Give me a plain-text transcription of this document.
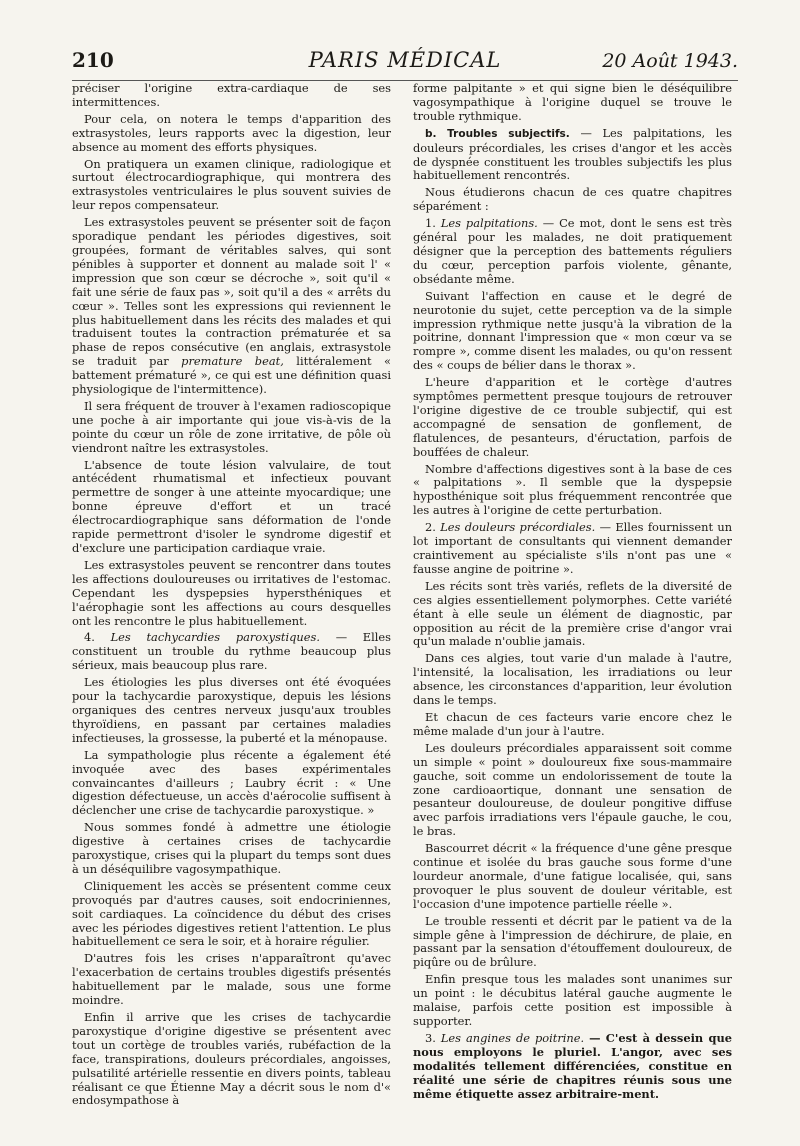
210	PARIS MÉDICAL	20 Août 1943.

préciser l'origine extra-cardiaque de ses intermittences.

Pour cela, on notera le temps d'apparition des extrasystoles, leurs rapports avec la digestion, leur absence au moment des efforts physiques.

On pratiquera un examen clinique, radiologique et surtout électrocardiographique, qui montrera des extrasystoles ventriculaires le plus souvent suivies de leur repos compensateur.

Les extrasystoles peuvent se présenter soit de façon sporadique pendant les périodes digestives, soit groupées, formant de véritables salves, qui sont pénibles à supporter et donnent au malade soit l' « impression que son cœur se décroche », soit qu'il « fait une série de faux pas », soit qu'il a des « arrêts du cœur ». Telles sont les expressions qui reviennent le plus habituellement dans les récits des malades et qui traduisent toutes la contraction prématurée et sa phase de repos consécutive (en anglais, extrasystole se traduit par premature beat, littéralement « battement prématuré », ce qui est une définition quasi physiologique de l'intermittence).

Il sera fréquent de trouver à l'examen radioscopique une poche à air importante qui joue vis-à-vis de la pointe du cœur un rôle de zone irritative, de pôle où viendront naître les extrasystoles.

L'absence de toute lésion valvulaire, de tout antécédent rhumatismal et infectieux pouvant permettre de songer à une atteinte myocardique; une bonne épreuve d'effort et un tracé électrocardiographique sans déformation de l'onde rapide permettront d'isoler le syndrome digestif et d'exclure une participation cardiaque vraie.

Les extrasystoles peuvent se rencontrer dans toutes les affections douloureuses ou irritatives de l'estomac. Cependant les dyspepsies hypersthéniques et l'aérophagie sont les affections au cours desquelles ont les rencontre le plus habituellement.

4. Les tachycardies paroxystiques. — Elles constituent un trouble du rythme beaucoup plus sérieux, mais beaucoup plus rare.

Les étiologies les plus diverses ont été évoquées pour la tachycardie paroxystique, depuis les lésions organiques des centres nerveux jusqu'aux troubles thyroïdiens, en passant par certaines maladies infectieuses, la grossesse, la puberté et la ménopause.

La sympathologie plus récente a également été invoquée avec des bases expérimentales convaincantes d'ailleurs ; Laubry écrit : « Une digestion défectueuse, un accès d'aérocolie suffisent à déclencher une crise de tachycardie paroxystique. »

Nous sommes fondé à admettre une étiologie digestive à certaines crises de tachycardie paroxystique, crises qui la plupart du temps sont dues à un déséquilibre vagosympathique.

Cliniquement les accès se présentent comme ceux provoqués par d'autres causes, soit endocriniennes, soit cardiaques. La coïncidence du début des crises avec les périodes digestives retient l'attention. Le plus habituellement ce sera le soir, et à horaire régulier.

D'autres fois les crises n'apparaîtront qu'avec l'exacerbation de certains troubles digestifs présentés habituellement par le malade, sous une forme moindre.

Enfin il arrive que les crises de tachycardie paroxystique d'origine digestive se présentent avec tout un cortège de troubles variés, rubéfaction de la face, transpirations, douleurs précordiales, angoisses, pulsatilité artérielle ressentie en divers points, tableau réalisant ce que Étienne May a décrit sous le nom d'« endosympathose à

forme palpitante » et qui signe bien le déséquilibre vagosympathique à l'origine duquel se trouve le trouble rythmique.

b. Troubles subjectifs. — Les palpitations, les douleurs précordiales, les crises d'angor et les accès de dyspnée constituent les troubles subjectifs les plus habituellement rencontrés.

Nous étudierons chacun de ces quatre chapitres séparément :

1. Les palpitations. — Ce mot, dont le sens est très général pour les malades, ne doit pratiquement désigner que la perception des battements réguliers du cœur, perception parfois violente, gênante, obsédante même.

Suivant l'affection en cause et le degré de neurotonie du sujet, cette perception va de la simple impression rythmique nette jusqu'à la vibration de la poitrine, donnant l'impression que « mon cœur va se rompre », comme disent les malades, ou qu'on ressent des « coups de bélier dans le thorax ».

L'heure d'apparition et le cortège d'autres symptômes permettent presque toujours de retrouver l'origine digestive de ce trouble subjectif, qui est accompagné de sensation de gonflement, de flatulences, de pesanteurs, d'éructation, parfois de bouffées de chaleur.

Nombre d'affections digestives sont à la base de ces « palpitations ». Il semble que la dyspepsie hyposthénique soit plus fréquemment rencontrée que les autres à l'origine de cette perturbation.

2. Les douleurs précordiales. — Elles fournissent un lot important de consultants qui viennent demander craintivement au spécialiste s'ils n'ont pas une « fausse angine de poitrine ».

Les récits sont très variés, reflets de la diversité de ces algies essentiellement polymorphes. Cette variété étant à elle seule un élément de diagnostic, par opposition au récit de la première crise d'angor vrai qu'un malade n'oublie jamais.

Dans ces algies, tout varie d'un malade à l'autre, l'intensité, la localisation, les irradiations ou leur absence, les circonstances d'apparition, leur évolution dans le temps.

Et chacun de ces facteurs varie encore chez le même malade d'un jour à l'autre.

Les douleurs précordiales apparaissent soit comme un simple « point » douloureux fixe sous-mammaire gauche, soit comme un endolorissement de toute la zone cardioaortique, donnant une sensation de pesanteur douloureuse, de douleur pongitive diffuse avec parfois irradiations vers l'épaule gauche, le cou, le bras.

Bascourret décrit « la fréquence d'une gêne presque continue et isolée du bras gauche sous forme d'une lourdeur anormale, d'une fatigue localisée, qui, sans provoquer le plus souvent de douleur véritable, est l'occasion d'une impotence partielle réelle ».

Le trouble ressenti et décrit par le patient va de la simple gêne à l'impression de déchirure, de plaie, en passant par la sensation d'étouffement douloureux, de piqûre ou de brûlure.

Enfin presque tous les malades sont unanimes sur un point : le décubitus latéral gauche augmente le malaise, parfois cette position est impossible à supporter.

3. Les angines de poitrine. — C'est à dessein que nous employons le pluriel. L'angor, avec ses modalités tellement différenciées, constitue en réalité une série de chapitres réunis sous une même étiquette assez arbitraire-ment.
